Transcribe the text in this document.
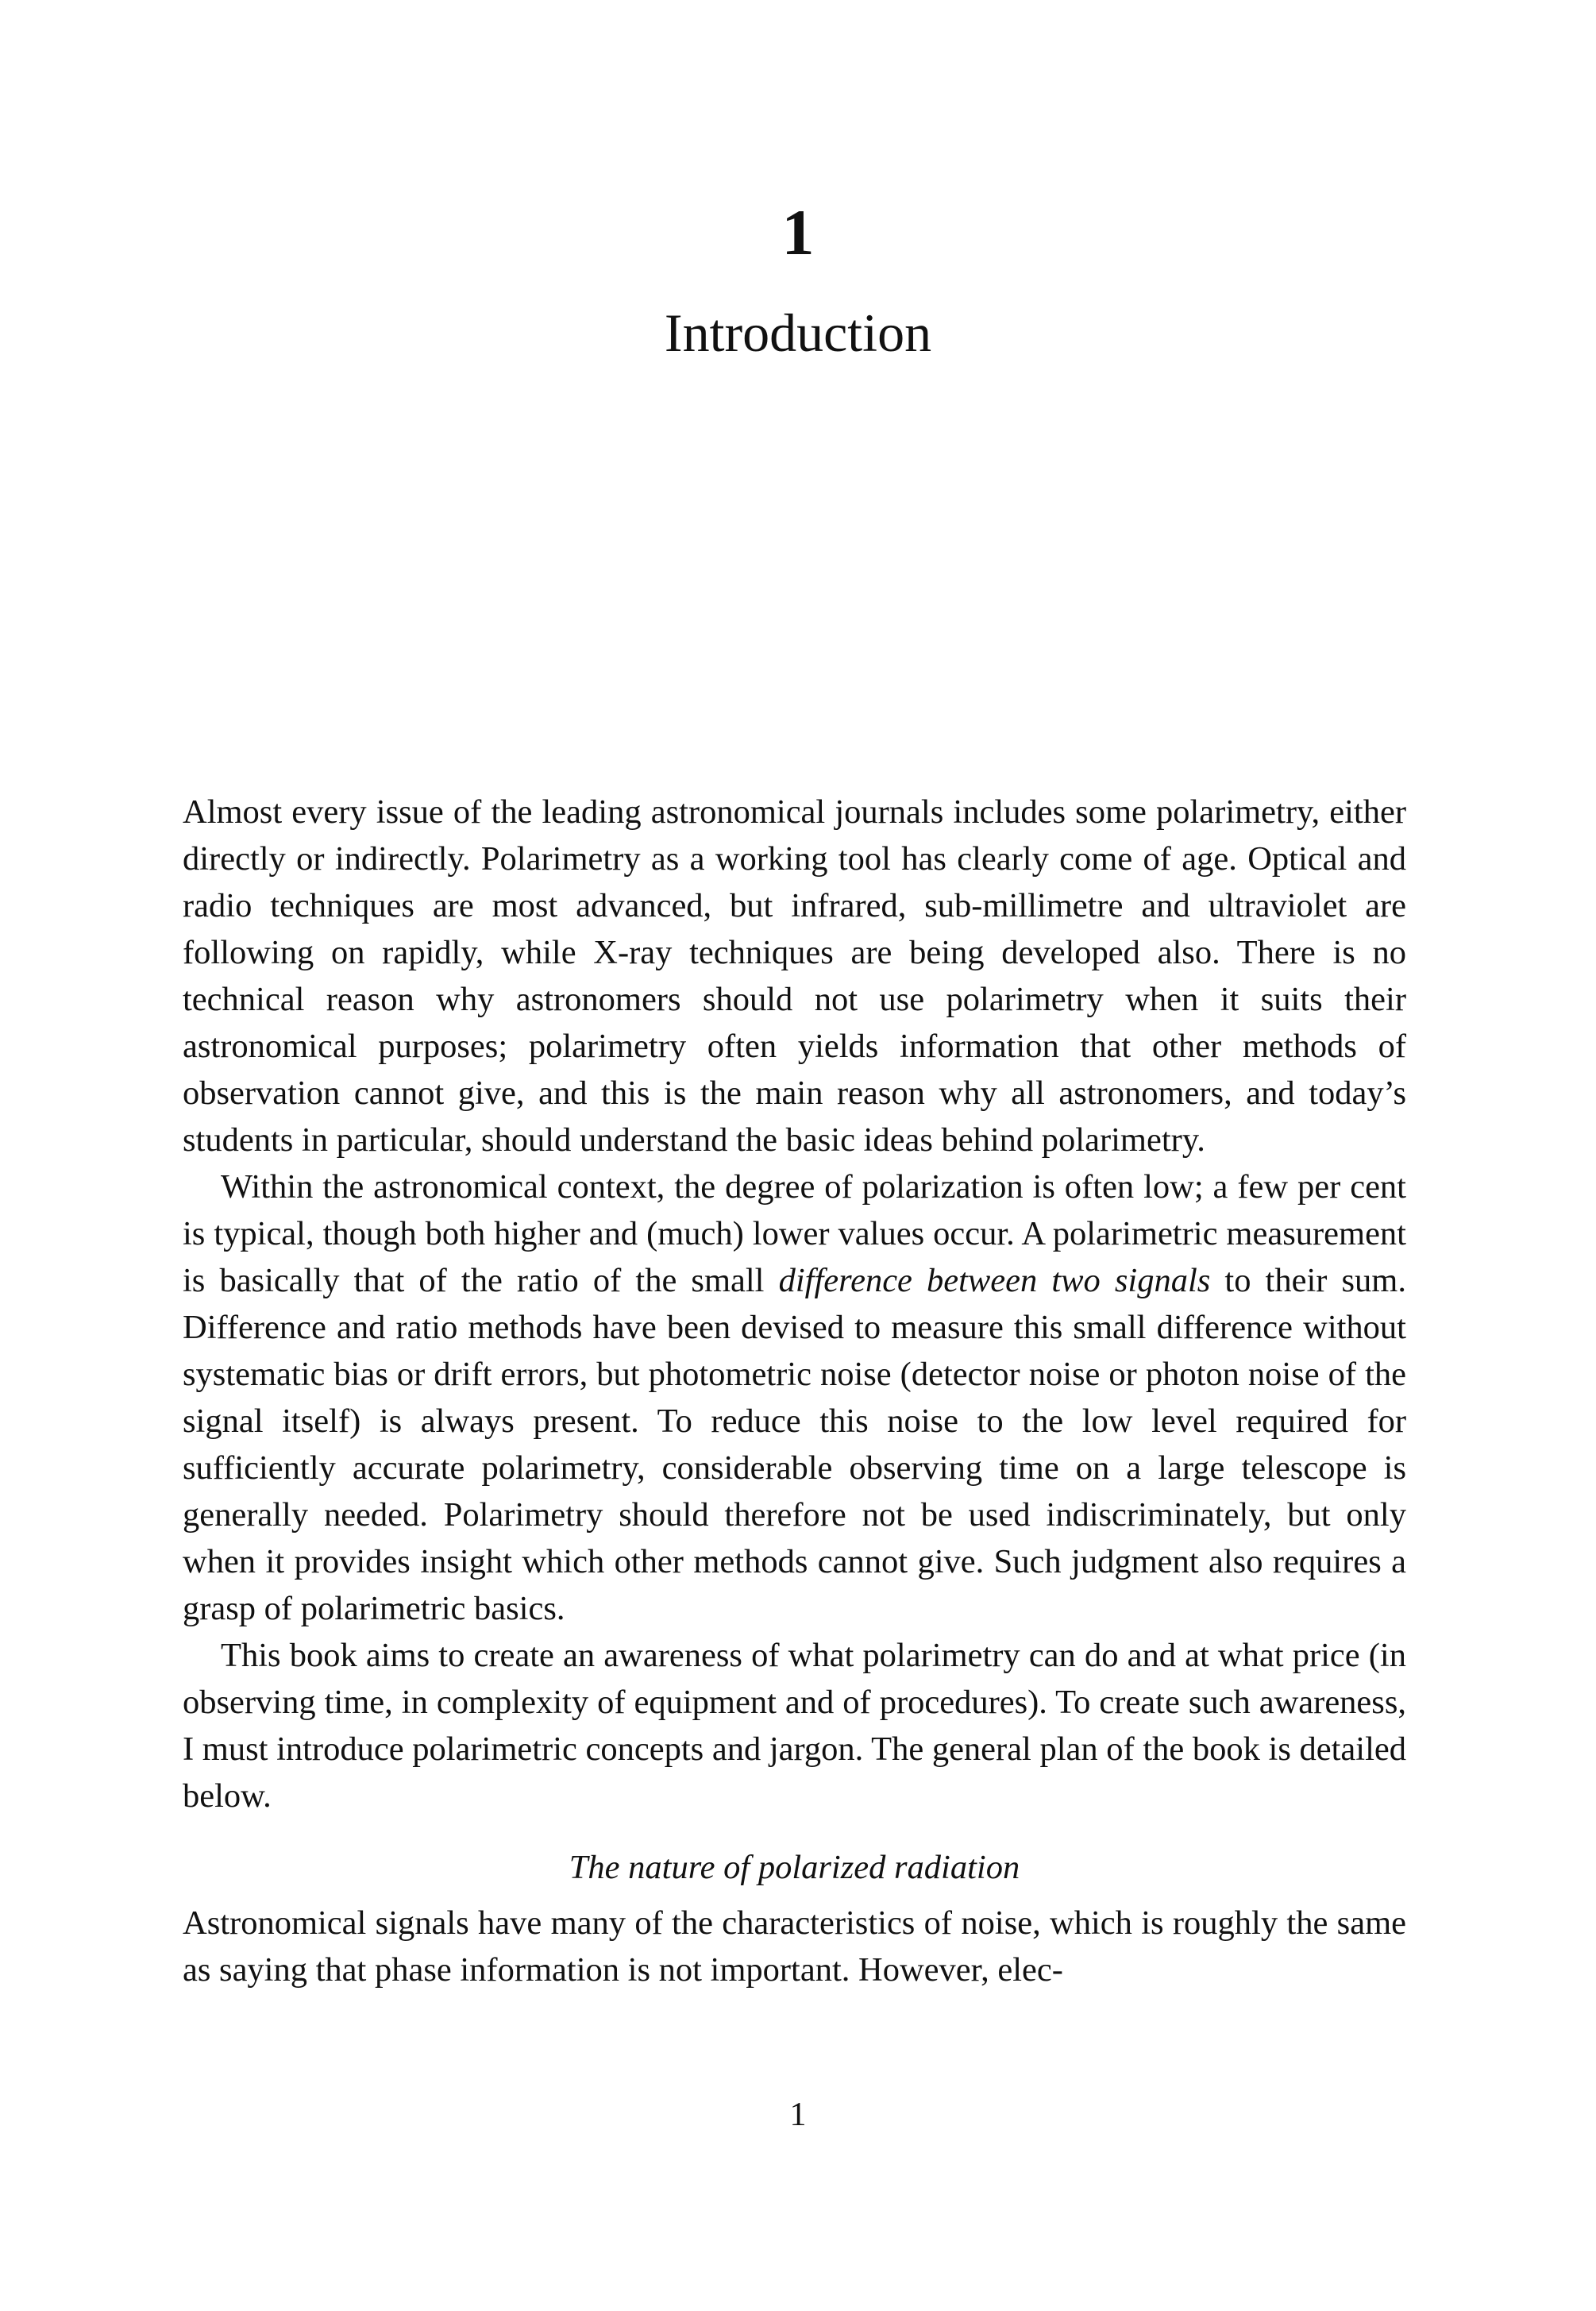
1
Introduction

Almost every issue of the leading astronomical journals includes some polarimetry, either directly or indirectly. Polarimetry as a working tool has clearly come of age. Optical and radio techniques are most advanced, but infrared, sub-millimetre and ultraviolet are following on rapidly, while X-ray techniques are being developed also. There is no technical reason why astronomers should not use polarimetry when it suits their astronomical purposes; polarimetry often yields information that other methods of observation cannot give, and this is the main reason why all astronomers, and today’s students in particular, should understand the basic ideas behind polarimetry.

Within the astronomical context, the degree of polarization is often low; a few per cent is typical, though both higher and (much) lower values occur. A polarimetric measurement is basically that of the ratio of the small difference between two signals to their sum. Difference and ratio methods have been devised to measure this small difference without systematic bias or drift errors, but photometric noise (detector noise or photon noise of the signal itself) is always present. To reduce this noise to the low level required for sufficiently accurate polarimetry, considerable observing time on a large telescope is generally needed. Polarimetry should therefore not be used indiscriminately, but only when it provides insight which other methods cannot give. Such judgment also requires a grasp of polarimetric basics.

This book aims to create an awareness of what polarimetry can do and at what price (in observing time, in complexity of equipment and of procedures). To create such awareness, I must introduce polarimetric concepts and jargon. The general plan of the book is detailed below.

The nature of polarized radiation

Astronomical signals have many of the characteristics of noise, which is roughly the same as saying that phase information is not important. However, elec-

1
